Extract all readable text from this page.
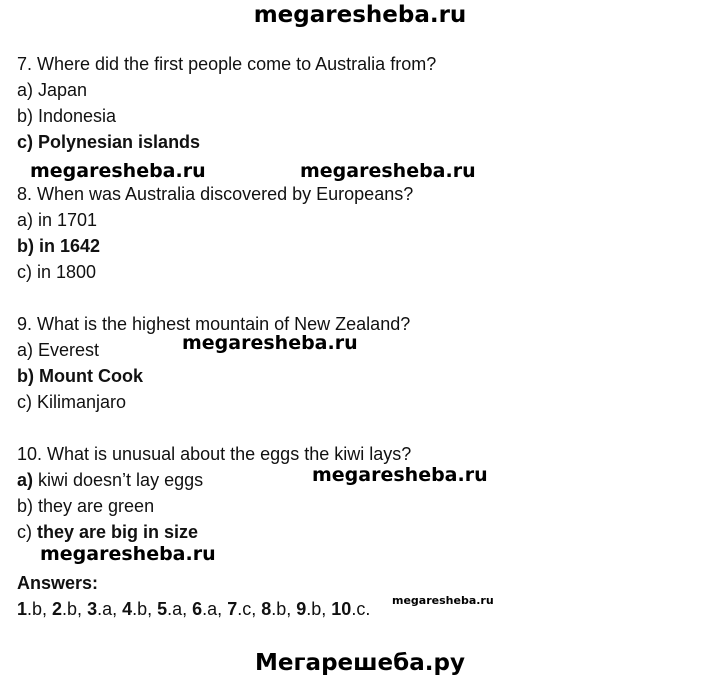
megaresheba.ru
7. Where did the first people come to Australia from?
a) Japan
b) Indonesia
c) Polynesian islands
megaresheba.ru	megaresheba.ru
8. When was Australia discovered by Europeans?
a) in 1701
b) in 1642
c) in 1800
9. What is the highest mountain of New Zealand?
megaresheba.ru
a) Everest
b) Mount Cook
c) Kilimanjaro
10. What is unusual about the eggs the kiwi lays?
megaresheba.ru
a) kiwi doesn’t lay eggs
b) they are green
c) they are big in size
megaresheba.ru
Answers:
1.b, 2.b, 3.a, 4.b, 5.a, 6.a, 7.c, 8.b, 9.b, 10.c. megaresheba.ru
Мегарешеба.ру
